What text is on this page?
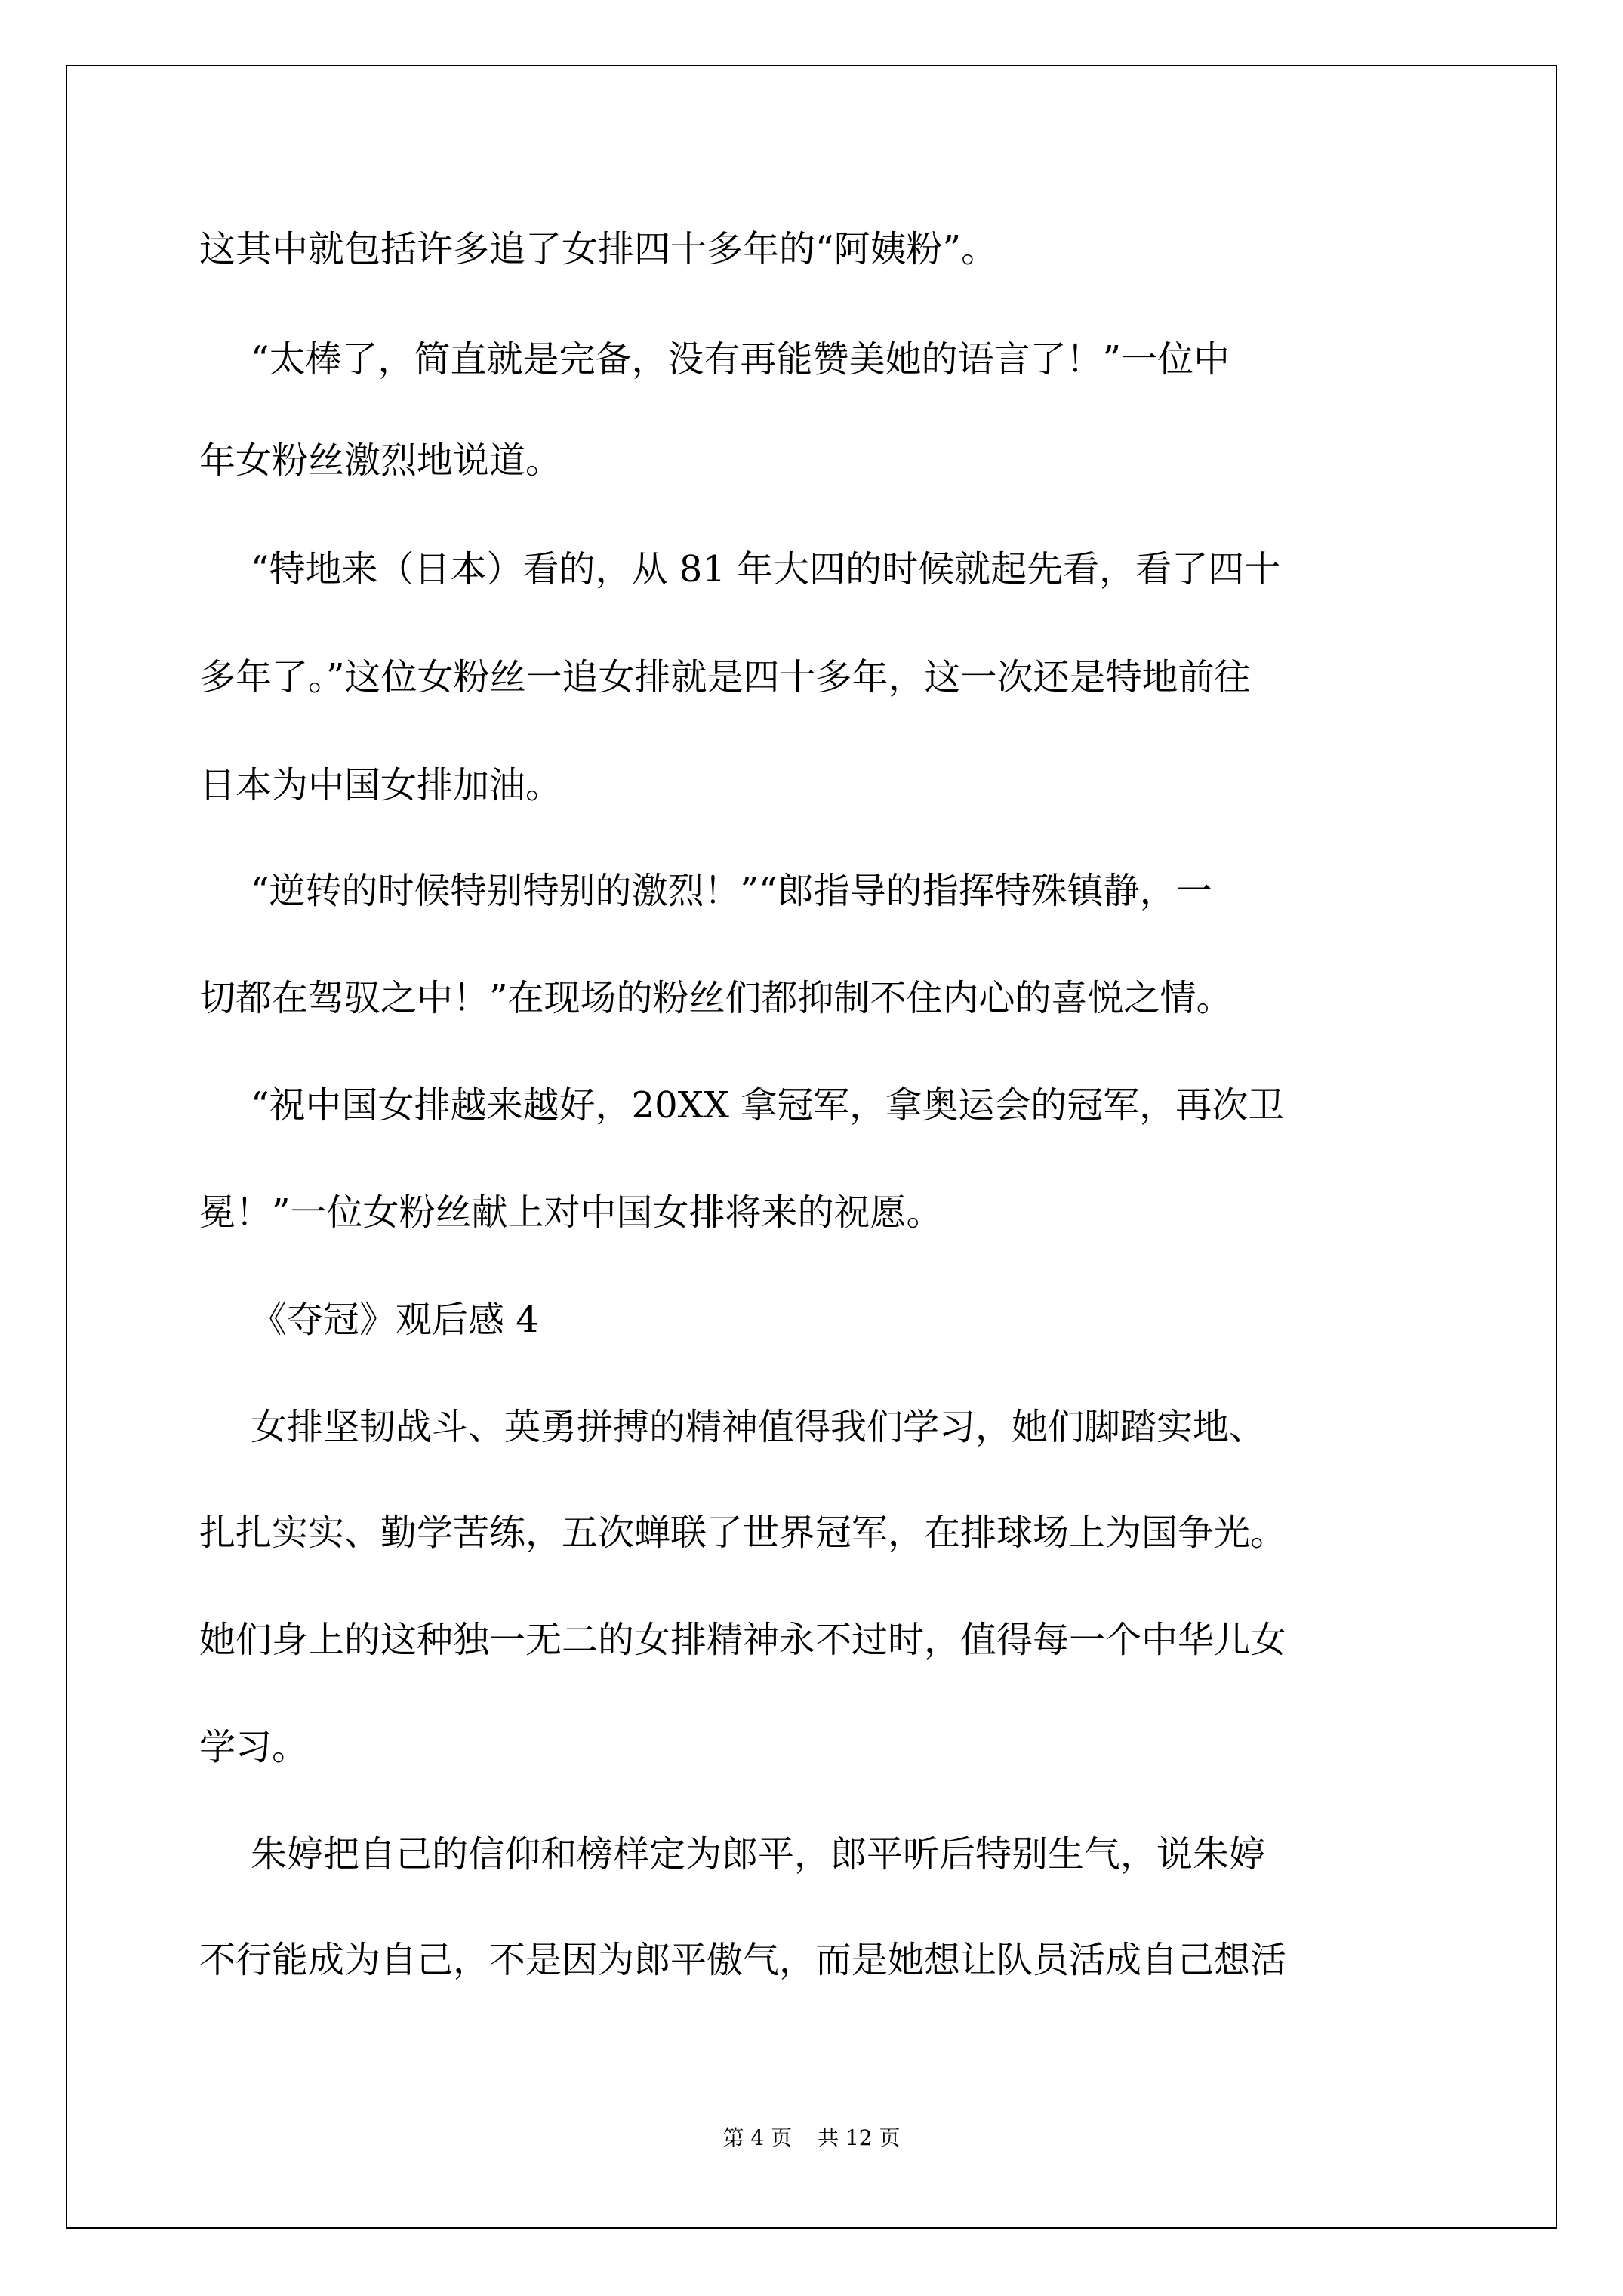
这其中就包括许多追了女排四十多年的“阿姨粉”。
“太棒了，简直就是完备，没有再能赞美她的语言了！”一位中
年女粉丝激烈地说道。
“特地来（日本）看的，从 81 年大四的时候就起先看，看了四十
多年了。”这位女粉丝一追女排就是四十多年，这一次还是特地前往
日本为中国女排加油。
“逆转的时候特别特别的激烈！”“郎指导的指挥特殊镇静，一
切都在驾驭之中！”在现场的粉丝们都抑制不住内心的喜悦之情。
“祝中国女排越来越好，20XX 拿冠军，拿奥运会的冠军，再次卫
冕！”一位女粉丝献上对中国女排将来的祝愿。
《夺冠》观后感 4
女排坚韧战斗、英勇拼搏的精神值得我们学习，她们脚踏实地、
扎扎实实、勤学苦练，五次蝉联了世界冠军，在排球场上为国争光。
她们身上的这种独一无二的女排精神永不过时，值得每一个中华儿女
学习。
朱婷把自己的信仰和榜样定为郎平，郎平听后特别生气，说朱婷
不行能成为自己，不是因为郎平傲气，而是她想让队员活成自己想活
第 4 页 共 12 页
